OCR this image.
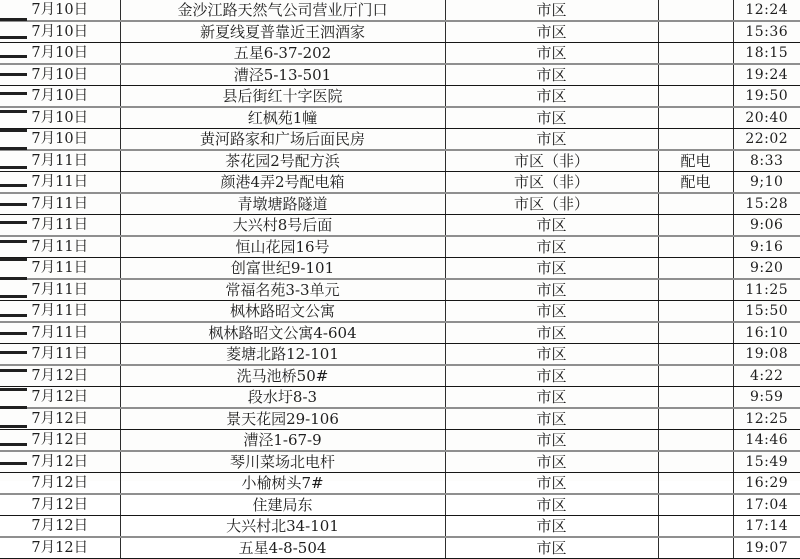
7月10日	金沙江路天然气公司营业厅门口	市区		12:24
7月10日	新夏线夏普靠近王泗酒家	市区		15:36
7月10日	五星6-37-202	市区		18:15
7月10日	漕泾5-13-501	市区		19:24
7月10日	县后街红十字医院	市区		19:50
7月10日	红枫苑1幢	市区		20:40
7月10日	黄河路家和广场后面民房	市区		22:02
7月11日	茶花园2号配方浜	市区（非）	配电	8:33
7月11日	颜港4弄2号配电箱	市区（非）	配电	9;10
7月11日	青墩塘路隧道	市区（非）		15:28
7月11日	大兴村8号后面	市区		9:06
7月11日	恒山花园16号	市区		9:16
7月11日	创富世纪9-101	市区		9:20
7月11日	常福名苑3-3单元	市区		11:25
7月11日	枫林路昭文公寓	市区		15:50
7月11日	枫林路昭文公寓4-604	市区		16:10
7月11日	菱塘北路12-101	市区		19:08
7月12日	洗马池桥50#	市区		4:22
7月12日	段水圩8-3	市区		9:59
7月12日	景天花园29-106	市区		12:25
7月12日	漕泾1-67-9	市区		14:46
7月12日	琴川菜场北电杆	市区		15:49
7月12日	小榆树头7#	市区		16:29
7月12日	住建局东	市区		17:04
7月12日	大兴村北34-101	市区		17:14
7月12日	五星4-8-504	市区		19:07
